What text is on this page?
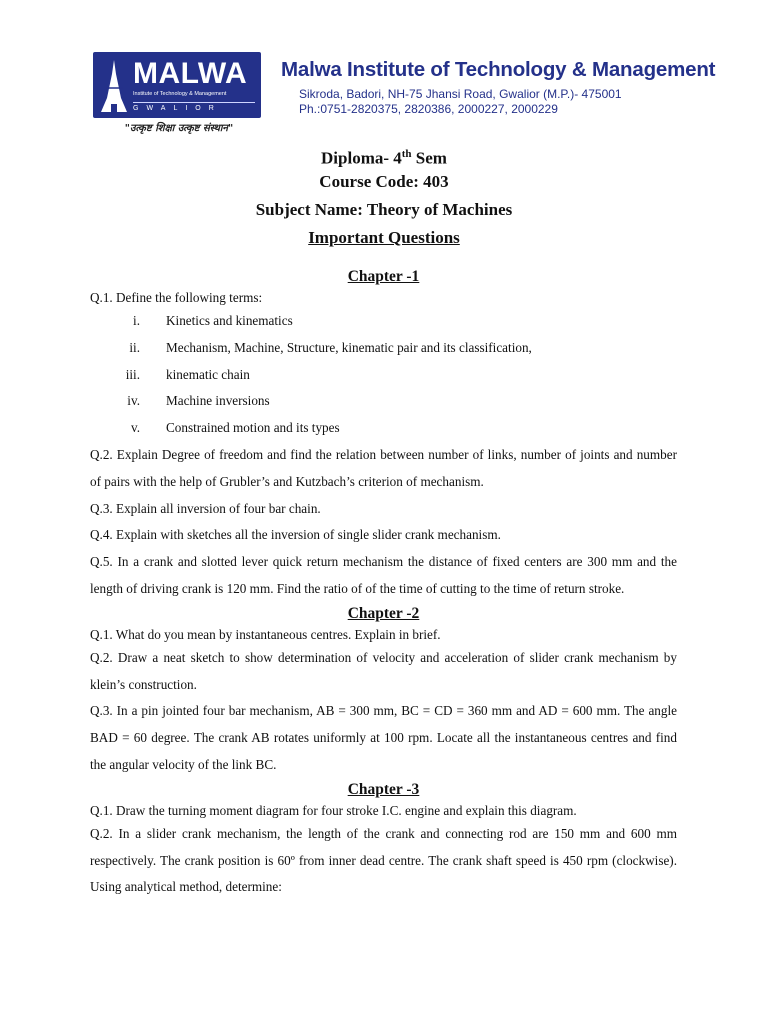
MALWA
Institute of Technology & Management
GWALIOR
"उत्कृष्ट शिक्षा उत्कृष्ट संस्थान"
Malwa Institute of Technology & Management
Sikroda, Badori, NH-75 Jhansi Road, Gwalior (M.P.)- 475001
Ph.:0751-2820375, 2820386, 2000227, 2000229
Diploma- 4th Sem
Course Code: 403
Subject Name: Theory of Machines
Important Questions

Chapter -1

Q.1. Define the following terms:

i. Kinetics and kinematics
ii. Mechanism, Machine, Structure, kinematic pair and its classification,
iii. kinematic chain
iv. Machine inversions
v. Constrained motion and its types

Q.2. Explain Degree of freedom and find the relation between number of links, number of joints and number of pairs with the help of Grubler’s and Kutzbach’s criterion of mechanism.

Q.3. Explain all inversion of four bar chain.

Q.4. Explain with sketches all the inversion of single slider crank mechanism.

Q.5. In a crank and slotted lever quick return mechanism the distance of fixed centers are 300 mm and the length of driving crank is 120 mm. Find the ratio of of the time of cutting to the time of return stroke.

Chapter -2

Q.1. What do you mean by instantaneous centres. Explain in brief.

Q.2. Draw a neat sketch to show determination of velocity and acceleration of slider crank mechanism by klein’s construction.

Q.3. In a pin jointed four bar mechanism, AB = 300 mm, BC = CD = 360 mm and AD = 600 mm. The angle BAD = 60 degree. The crank AB rotates uniformly at 100 rpm. Locate all the instantaneous centres and find the angular velocity of the link BC.

Chapter -3

Q.1. Draw the turning moment diagram for four stroke I.C. engine and explain this diagram.

Q.2. In a slider crank mechanism, the length of the crank and connecting rod are 150 mm and 600 mm respectively. The crank position is 60º from inner dead centre. The crank shaft speed is 450 rpm (clockwise). Using analytical method, determine:
